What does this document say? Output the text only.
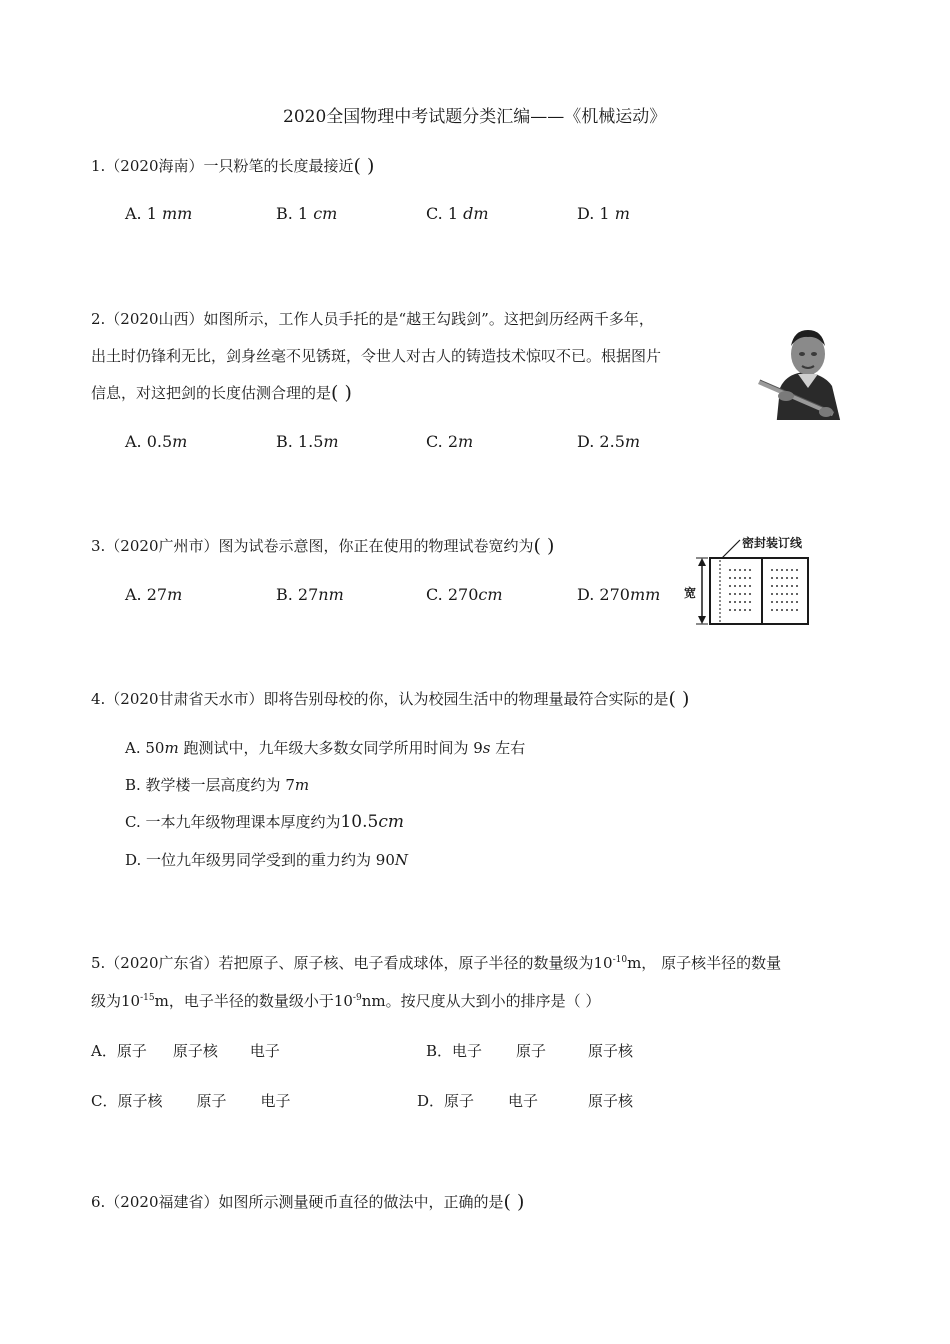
2020全国物理中考试题分类汇编——《机械运动》
1.（2020海南）一只粉笔的长度最接近( )
A. 1 mm	B. 1 cm	C. 1 dm	D. 1 m
2.（2020山西）如图所示，工作人员手托的是“越王勾践剑”。这把剑历经两千多年，
出土时仍锋利无比，剑身丝毫不见锈斑，令世人对古人的铸造技术惊叹不已。根据图片
信息，对这把剑的长度估测合理的是( )
A. 0.5m	B. 1.5m	C. 2m	D. 2.5m
3.（2020广州市）图为试卷示意图，你正在使用的物理试卷宽约为( )
A. 27m	B. 27nm	C. 270cm	D. 270mm
密封装订线
宽
4.（2020甘肃省天水市）即将告别母校的你，认为校园生活中的物理量最符合实际的是( )
A. 50m 跑测试中，九年级大多数女同学所用时间为 9s 左右
B. 教学楼一层高度约为 7m
C. 一本九年级物理课本厚度约为10.5cm
D. 一位九年级男同学受到的重力约为 90N
5.（2020广东省）若把原子、原子核、电子看成球体，原子半径的数量级为$10^{-10}m$， 原子核半径的数量
级为$10^{-15}m$，电子半径的数量级小于$10^{-9}nm$。按尺度从大到小的排序是（ ）
A．原子 原子核 电子	B．电子 原子	原子核
C．原子核 原子 电子	D．原子 电子	原子核
6.（2020福建省）如图所示测量硬币直径的做法中，正确的是( )
